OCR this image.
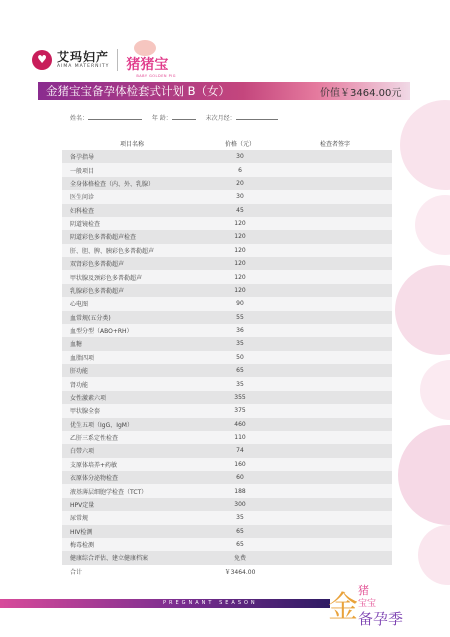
♥ 艾玛妇产
AIMA MATERNITY 猪猪宝
BABY GOLDEN PIG
金猪宝宝备孕体检套式计划 B（女）	价值￥3464.00元
姓名：	年 龄：	末次月经：
项目名称	价格（元）	检查者签字
备孕指导	30	
一般项目	6	
全身体格检查（内、外、乳腺）	20	
医生问诊	30	
妇科检查	45	
阴道镜检查	120	
阴道彩色多普勒超声检查	120	
肝、胆、脾、胰彩色多普勒超声	120	
双肾彩色多普勒超声	120	
甲状腺及颈彩色多普勒超声	120	
乳腺彩色多普勒超声	120	
心电图	90	
血常规(五分类)	55	
血型分型（ABO+RH）	36	
血糖	35	
血脂四项	50	
肝功能	65	
肾功能	35	
女性激素六项	355	
甲状腺全套	375	
优生五项（IgG、IgM）	460	
乙肝三系定性检查	110	
白带六项	74	
支原体培养+药敏	160	
衣原体分泌物检查	60	
液基薄层细胞学检查（TCT）	188	
HPV定量	300	
尿常规	35	
HIV检测	65	
梅毒检测	65	
健康综合评估、建立健康档案	免费	
合计	￥3464.00	
PREGNANT SEASON 金 猪
宝宝
备孕季
